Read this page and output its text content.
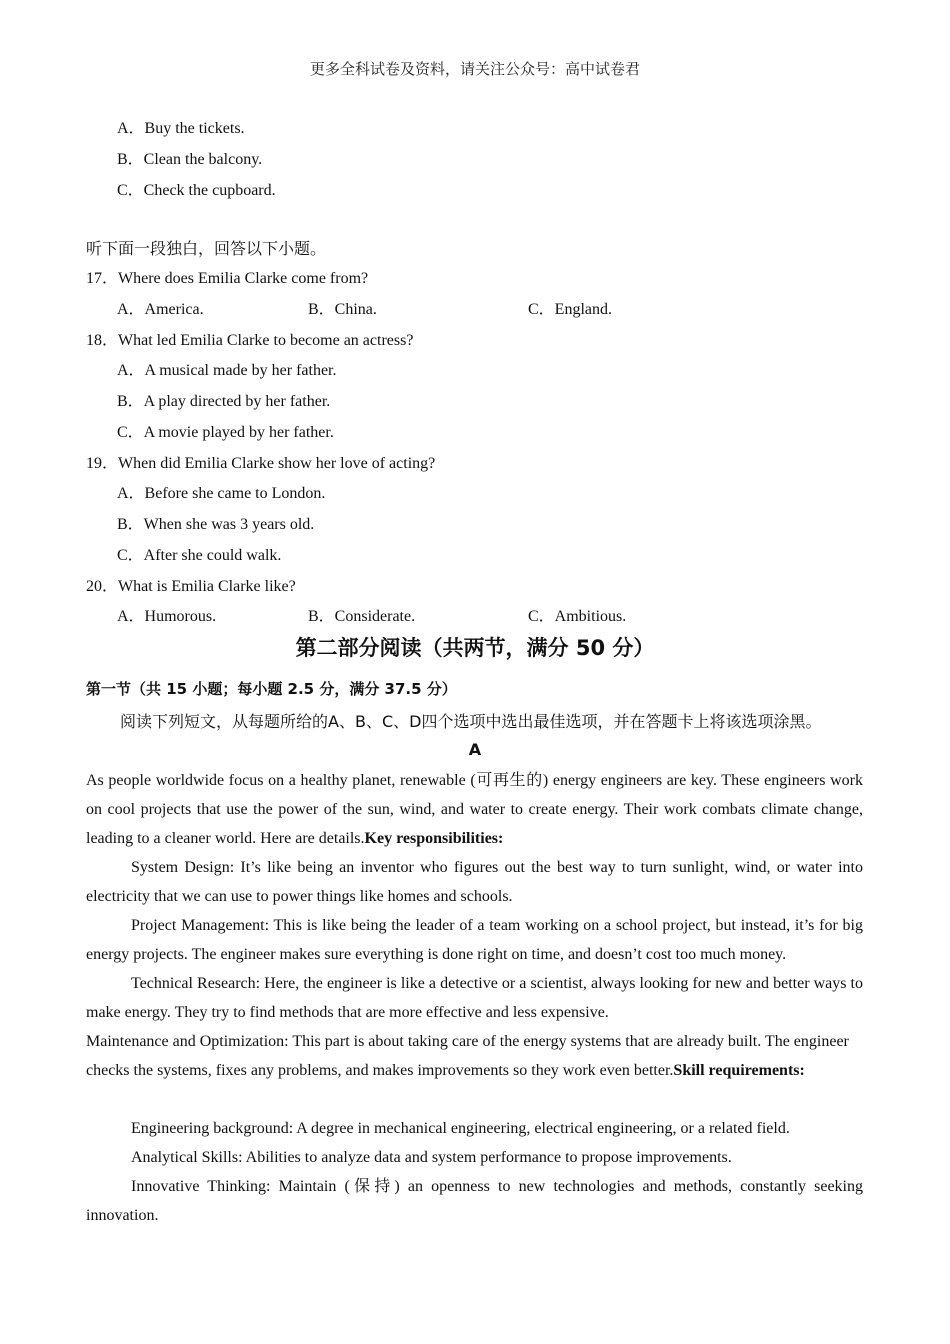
更多全科试卷及资料，请关注公众号：高中试卷君
A．Buy the tickets.
B．Clean the balcony.
C．Check the cupboard.
听下面一段独白，回答以下小题。
17．Where does Emilia Clarke come from?
A．America.	B．China.	C．England.
18．What led Emilia Clarke to become an actress?
A．A musical made by her father.
B．A play directed by her father.
C．A movie played by her father.
19．When did Emilia Clarke show her love of acting?
A．Before she came to London.
B．When she was 3 years old.
C．After she could walk.
20．What is Emilia Clarke like?
A．Humorous.	B．Considerate.	C．Ambitious.
第二部分阅读（共两节，满分 50 分）
第一节（共 15 小题；每小题 2.5 分，满分 37.5 分）
阅读下列短文，从每题所给的A、B、C、D四个选项中选出最佳选项，并在答题卡上将该选项涂黑。
A
As people worldwide focus on a healthy planet, renewable (可再生的) energy engineers are key. These engineers work on cool projects that use the power of the sun, wind, and water to create energy. Their work combats climate change, leading to a cleaner world. Here are details.Key responsibilities:
System Design: It’s like being an inventor who figures out the best way to turn sunlight, wind, or water into electricity that we can use to power things like homes and schools.
Project Management: This is like being the leader of a team working on a school project, but instead, it’s for big energy projects. The engineer makes sure everything is done right on time, and doesn’t cost too much money.
Technical Research: Here, the engineer is like a detective or a scientist, always looking for new and better ways to make energy. They try to find methods that are more effective and less expensive.
Maintenance and Optimization: This part is about taking care of the energy systems that are already built. The engineer checks the systems, fixes any problems, and makes improvements so they work even better.Skill requirements:
Engineering background: A degree in mechanical engineering, electrical engineering, or a related field.
Analytical Skills: Abilities to analyze data and system performance to propose improvements.
Innovative Thinking: Maintain (保持) an openness to new technologies and methods, constantly seeking innovation.
